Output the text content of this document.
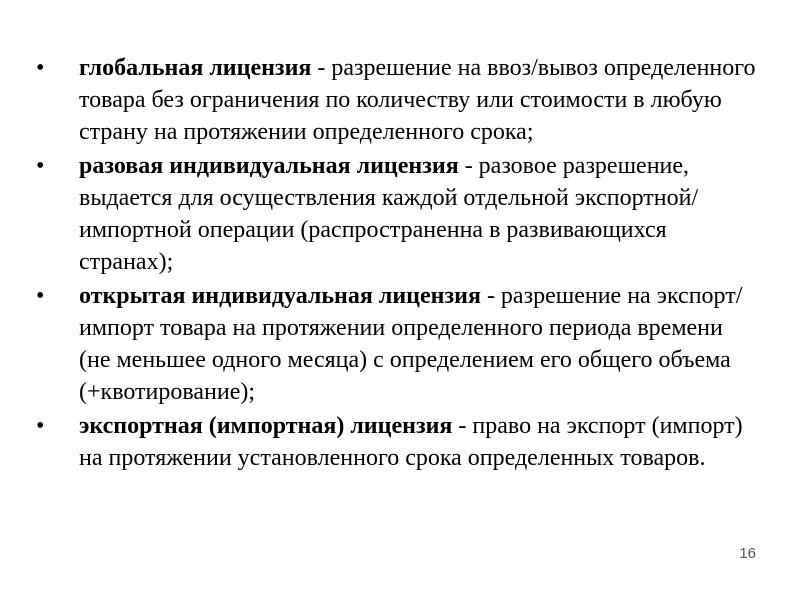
•	глобальная лицензия - разрешение на ввоз/вывоз определенного товара без ограничения по количеству или стоимости в любую страну на протяжении определенного срока;
•	разовая индивидуальная лицензия - разовое разрешение, выдается для осуществления каждой отдельной экспортной/импортной операции (распространенна в развивающихся странах);
•	открытая индивидуальная лицензия - разрешение на экспорт/импорт товара на протяжении определенного периода времени (не меньшее одного месяца) с определением его общего объема (+квотирование);
•	экспортная (импортная) лицензия - право на экспорт (импорт) на протяжении установленного срока определенных товаров.
16
